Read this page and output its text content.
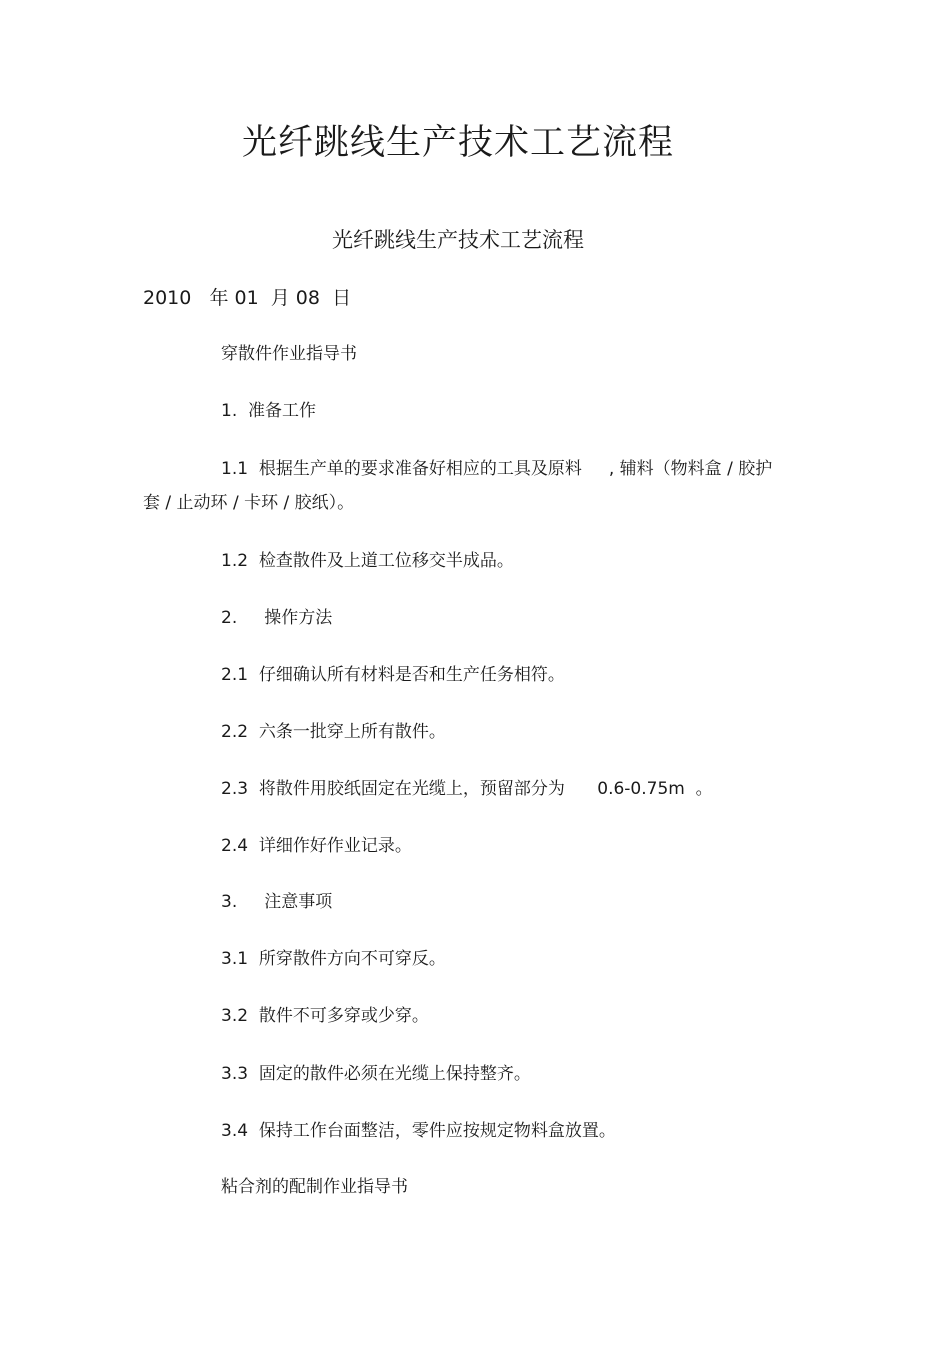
光纤跳线生产技术工艺流程

光纤跳线生产技术工艺流程

2010   年 01  月 08  日

穿散件作业指导书

1.  准备工作

1.1  根据生产单的要求准备好相应的工具及原料     , 辅料（物料盒 / 胶护

套 / 止动环 / 卡环 / 胶纸）。

1.2  检查散件及上道工位移交半成品。

2.     操作方法

2.1  仔细确认所有材料是否和生产任务相符。

2.2  六条一批穿上所有散件。

2.3  将散件用胶纸固定在光缆上，预留部分为      0.6-0.75m  。

2.4  详细作好作业记录。

3.     注意事项

3.1  所穿散件方向不可穿反。

3.2  散件不可多穿或少穿。

3.3  固定的散件必须在光缆上保持整齐。

3.4  保持工作台面整洁，零件应按规定物料盒放置。

粘合剂的配制作业指导书
